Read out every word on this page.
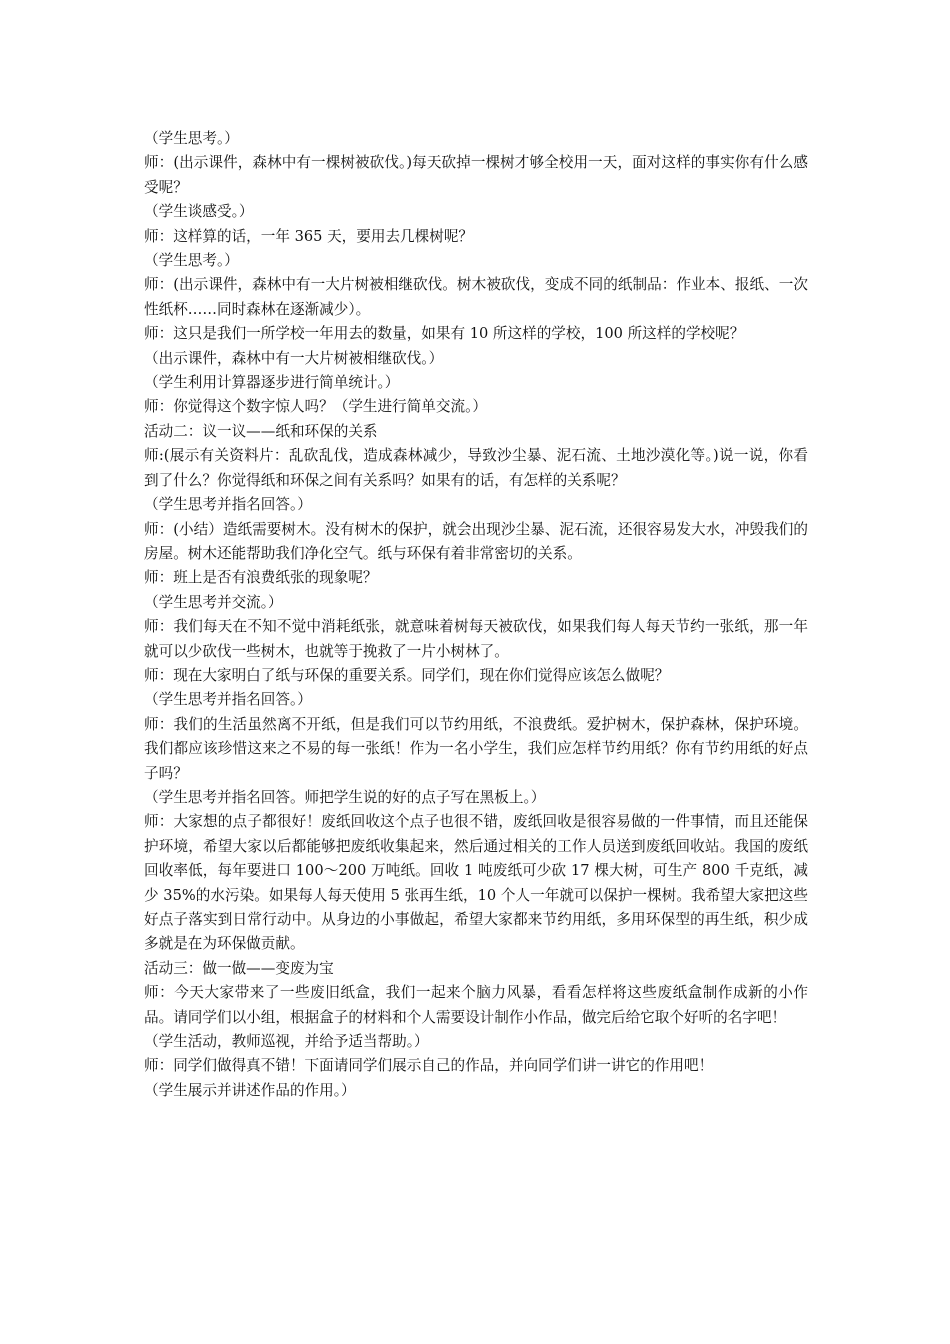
（学生思考。）

师：(出示课件，森林中有一棵树被砍伐。)每天砍掉一棵树才够全校用一天，面对这样的事实你有什么感受呢？

（学生谈感受。）

师：这样算的话，一年 365 天，要用去几棵树呢？

（学生思考。）

师：(出示课件，森林中有一大片树被相继砍伐。树木被砍伐，变成不同的纸制品：作业本、报纸、一次性纸杯……同时森林在逐渐减少）。

师：这只是我们一所学校一年用去的数量，如果有 10 所这样的学校，100 所这样的学校呢？

（出示课件，森林中有一大片树被相继砍伐。）

（学生利用计算器逐步进行简单统计。）

师：你觉得这个数字惊人吗？（学生进行简单交流。）

活动二：议一议——纸和环保的关系

师:(展示有关资料片：乱砍乱伐，造成森林减少，导致沙尘暴、泥石流、土地沙漠化等。)说一说，你看到了什么？你觉得纸和环保之间有关系吗？如果有的话，有怎样的关系呢？

（学生思考并指名回答。）

师：(小结）造纸需要树木。没有树木的保护，就会出现沙尘暴、泥石流，还很容易发大水，冲毁我们的房屋。树木还能帮助我们净化空气。纸与环保有着非常密切的关系。

师：班上是否有浪费纸张的现象呢？

（学生思考并交流。）

师：我们每天在不知不觉中消耗纸张，就意味着树每天被砍伐，如果我们每人每天节约一张纸，那一年就可以少砍伐一些树木，也就等于挽救了一片小树林了。

师：现在大家明白了纸与环保的重要关系。同学们，现在你们觉得应该怎么做呢？

（学生思考并指名回答。）

师：我们的生活虽然离不开纸，但是我们可以节约用纸，不浪费纸。爱护树木，保护森林，保护环境。我们都应该珍惜这来之不易的每一张纸！作为一名小学生，我们应怎样节约用纸？你有节约用纸的好点子吗？

（学生思考并指名回答。师把学生说的好的点子写在黑板上。）

师：大家想的点子都很好！废纸回收这个点子也很不错，废纸回收是很容易做的一件事情，而且还能保护环境，希望大家以后都能够把废纸收集起来，然后通过相关的工作人员送到废纸回收站。我国的废纸回收率低，每年要进口 100～200 万吨纸。回收 1 吨废纸可少砍 17 棵大树，可生产 800 千克纸，减少 35%的水污染。如果每人每天使用 5 张再生纸，10 个人一年就可以保护一棵树。我希望大家把这些好点子落实到日常行动中。从身边的小事做起，希望大家都来节约用纸，多用环保型的再生纸，积少成多就是在为环保做贡献。

活动三：做一做——变废为宝

师：今天大家带来了一些废旧纸盒，我们一起来个脑力风暴，看看怎样将这些废纸盒制作成新的小作品。请同学们以小组，根据盒子的材料和个人需要设计制作小作品，做完后给它取个好听的名字吧！

（学生活动，教师巡视，并给予适当帮助。）

师：同学们做得真不错！下面请同学们展示自己的作品，并向同学们讲一讲它的作用吧！

（学生展示并讲述作品的作用。）
